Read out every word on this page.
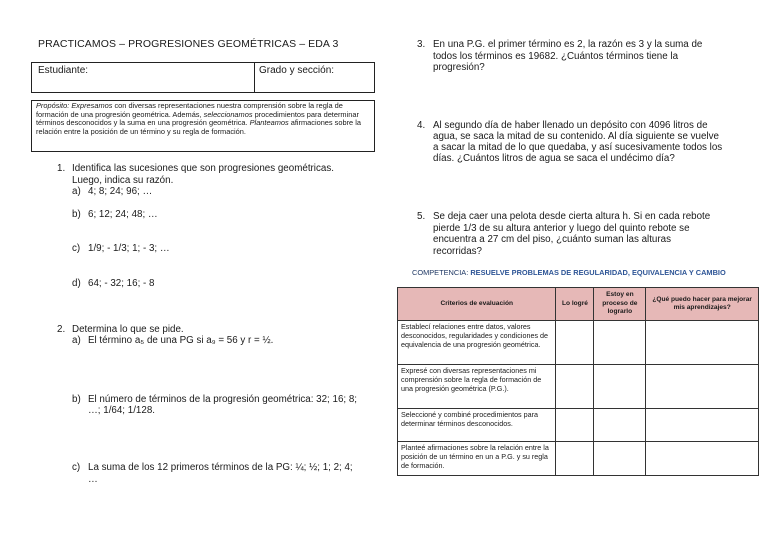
PRACTICAMOS – PROGRESIONES GEOMÉTRICAS – EDA 3
Estudiante:	Grado y sección:
Propósito: Expresamos con diversas representaciones nuestra comprensión sobre la regla de formación de una progresión geométrica. Además, seleccionamos procedimientos para determinar términos desconocidos y la suma en una progresión geométrica. Planteamos afirmaciones sobre la relación entre la posición de un término y su regla de formación.
1. Identifica las sucesiones que son progresiones geométricas.
Luego, indica su razón.
a) 4; 8; 24; 96; …
b) 6; 12; 24; 48; …
c) 1/9; - 1/3; 1; - 3; …
d) 64; - 32; 16; - 8
2. Determina lo que se pide.
a) El término a₅ de una PG si a₉ = 56 y r = ½.
b) El número de términos de la progresión geométrica: 32; 16; 8;
…; 1/64; 1/128.
c) La suma de los 12 primeros términos de la PG: ¼; ½; 1; 2; 4;
…
3. En una P.G. el primer término es 2, la razón es 3 y la suma de
todos los términos es 19682. ¿Cuántos términos tiene la
progresión?
4. Al segundo día de haber llenado un depósito con 4096 litros de
agua, se saca la mitad de su contenido. Al día siguiente se vuelve
a sacar la mitad de lo que quedaba, y así sucesivamente todos los
días. ¿Cuántos litros de agua se saca el undécimo día?
5. Se deja caer una pelota desde cierta altura h. Si en cada rebote
pierde 1/3 de su altura anterior y luego del quinto rebote se
encuentra a 27 cm del piso, ¿cuánto suman las alturas
recorridas?
COMPETENCIA: RESUELVE PROBLEMAS DE REGULARIDAD, EQUIVALENCIA Y CAMBIO
Criterios de evaluación	Lo logré	Estoy en proceso de lograrlo	¿Qué puedo hacer para mejorar mis aprendizajes?
Establecí relaciones entre datos, valores desconocidos, regularidades y condiciones de equivalencia de una progresión geométrica.			
Expresé con diversas representaciones mi comprensión sobre la regla de formación de una progresión geométrica (P.G.).			
Seleccioné y combiné procedimientos para determinar términos desconocidos.			
Planteé afirmaciones sobre la relación entre la posición de un término en un a P.G. y su regla de formación.			
